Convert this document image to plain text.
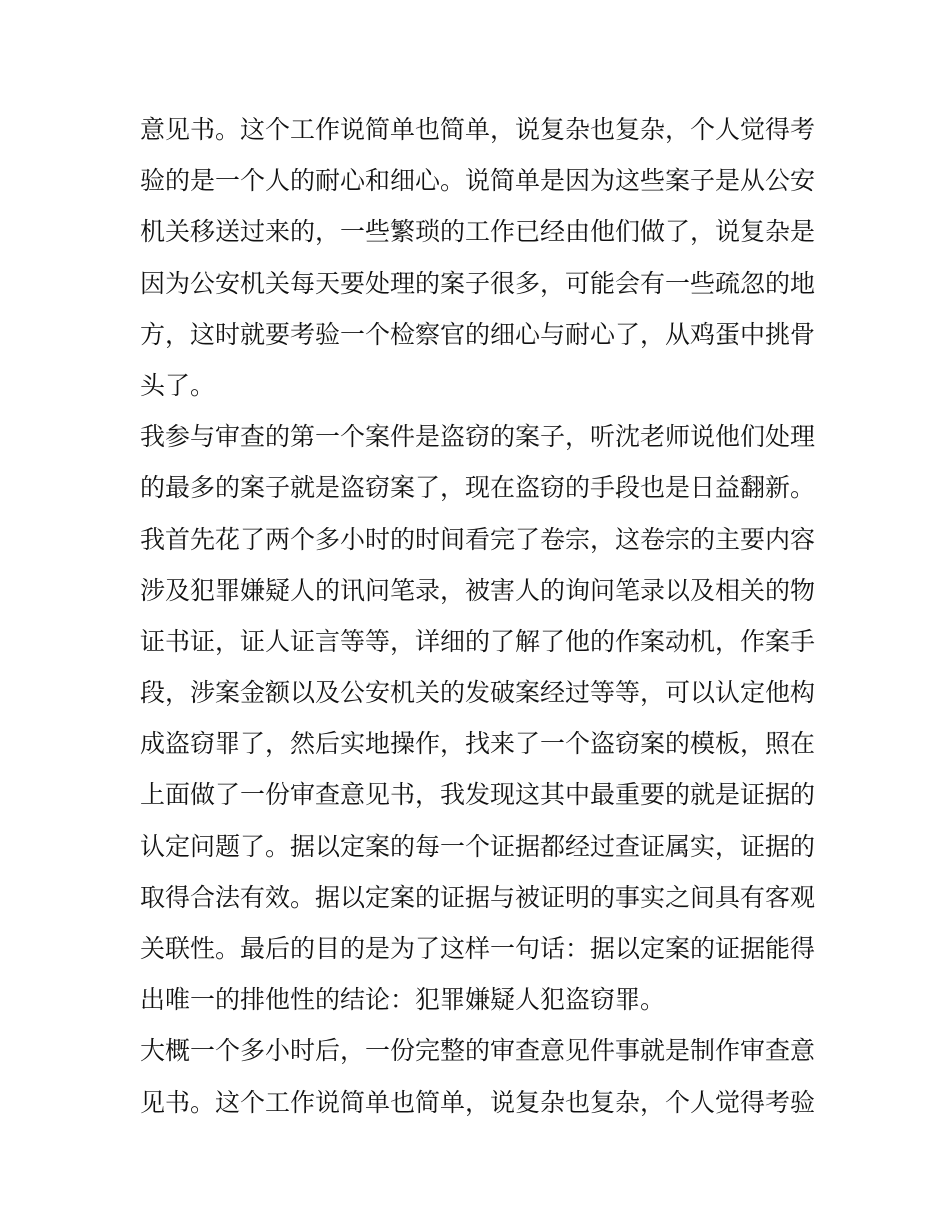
意见书。这个工作说简单也简单，说复杂也复杂，个人觉得考
验的是一个人的耐心和细心。说简单是因为这些案子是从公安
机关移送过来的，一些繁琐的工作已经由他们做了，说复杂是
因为公安机关每天要处理的案子很多，可能会有一些疏忽的地
方，这时就要考验一个检察官的细心与耐心了，从鸡蛋中挑骨
头了。
我参与审查的第一个案件是盗窃的案子，听沈老师说他们处理
的最多的案子就是盗窃案了，现在盗窃的手段也是日益翻新。
我首先花了两个多小时的时间看完了卷宗，这卷宗的主要内容
涉及犯罪嫌疑人的讯问笔录，被害人的询问笔录以及相关的物
证书证，证人证言等等，详细的了解了他的作案动机，作案手
段，涉案金额以及公安机关的发破案经过等等，可以认定他构
成盗窃罪了，然后实地操作，找来了一个盗窃案的模板，照在
上面做了一份审查意见书，我发现这其中最重要的就是证据的
认定问题了。据以定案的每一个证据都经过查证属实，证据的
取得合法有效。据以定案的证据与被证明的事实之间具有客观
关联性。最后的目的是为了这样一句话：据以定案的证据能得
出唯一的排他性的结论：犯罪嫌疑人犯盗窃罪。
大概一个多小时后，一份完整的审查意见件事就是制作审查意
见书。这个工作说简单也简单，说复杂也复杂，个人觉得考验
